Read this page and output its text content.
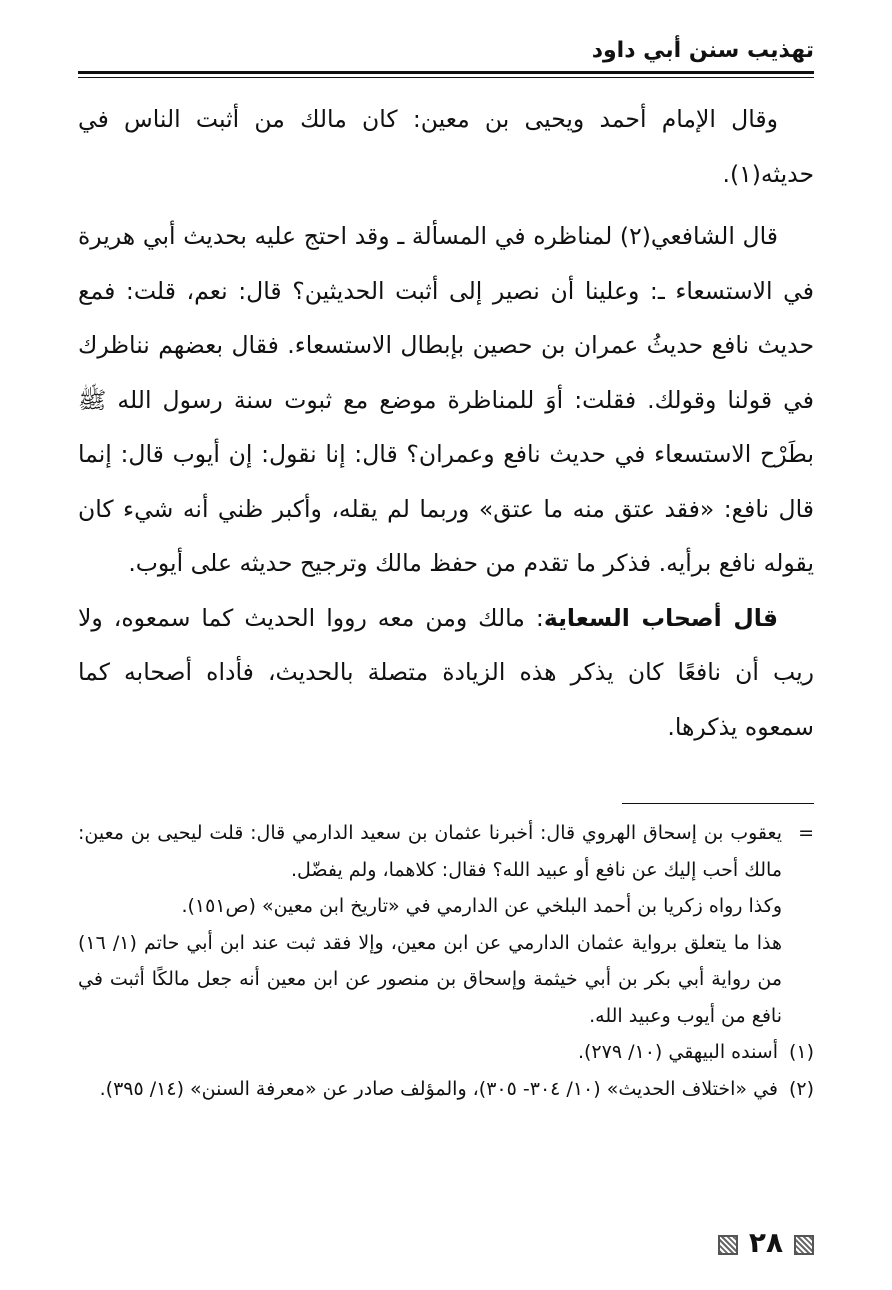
تهذيب سنن أبي داود

وقال الإمام أحمد ويحيى بن معين: كان مالك من أثبت الناس في حديثه(١).

قال الشافعي(٢) لمناظره في المسألة ـ وقد احتج عليه بحديث أبي هريرة في الاستسعاء ـ: وعلينا أن نصير إلى أثبت الحديثين؟ قال: نعم، قلت: فمع حديث نافع حديثُ عمران بن حصين بإبطال الاستسعاء. فقال بعضهم نناظرك في قولنا وقولك. فقلت: أوَ للمناظرة موضع مع ثبوت سنة رسول الله ﷺ بطَرْح الاستسعاء في حديث نافع وعمران؟ قال: إنا نقول: إن أيوب قال: إنما قال نافع: «فقد عتق منه ما عتق» وربما لم يقله، وأكبر ظني أنه شيء كان يقوله نافع برأيه. فذكر ما تقدم من حفظ مالك وترجيح حديثه على أيوب.

قال أصحاب السعاية: مالك ومن معه رووا الحديث كما سمعوه، ولا ريب أن نافعًا كان يذكر هذه الزيادة متصلة بالحديث، فأداه أصحابه كما سمعوه يذكرها.

=
يعقوب بن إسحاق الهروي قال: أخبرنا عثمان بن سعيد الدارمي قال: قلت ليحيى بن معين: مالك أحب إليك عن نافع أو عبيد الله؟ فقال: كلاهما، ولم يفضّل.
وكذا رواه زكريا بن أحمد البلخي عن الدارمي في «تاريخ ابن معين» (ص١٥١).
هذا ما يتعلق برواية عثمان الدارمي عن ابن معين، وإلا فقد ثبت عند ابن أبي حاتم (١/ ١٦) من رواية أبي بكر بن أبي خيثمة وإسحاق بن منصور عن ابن معين أنه جعل مالكًا أثبت في نافع من أيوب وعبيد الله.
(١)
أسنده البيهقي (١٠/ ٢٧٩).
(٢)
في «اختلاف الحديث» (١٠/ ٣٠٤- ٣٠٥)، والمؤلف صادر عن «معرفة السنن» (١٤/ ٣٩٥).
٢٨
